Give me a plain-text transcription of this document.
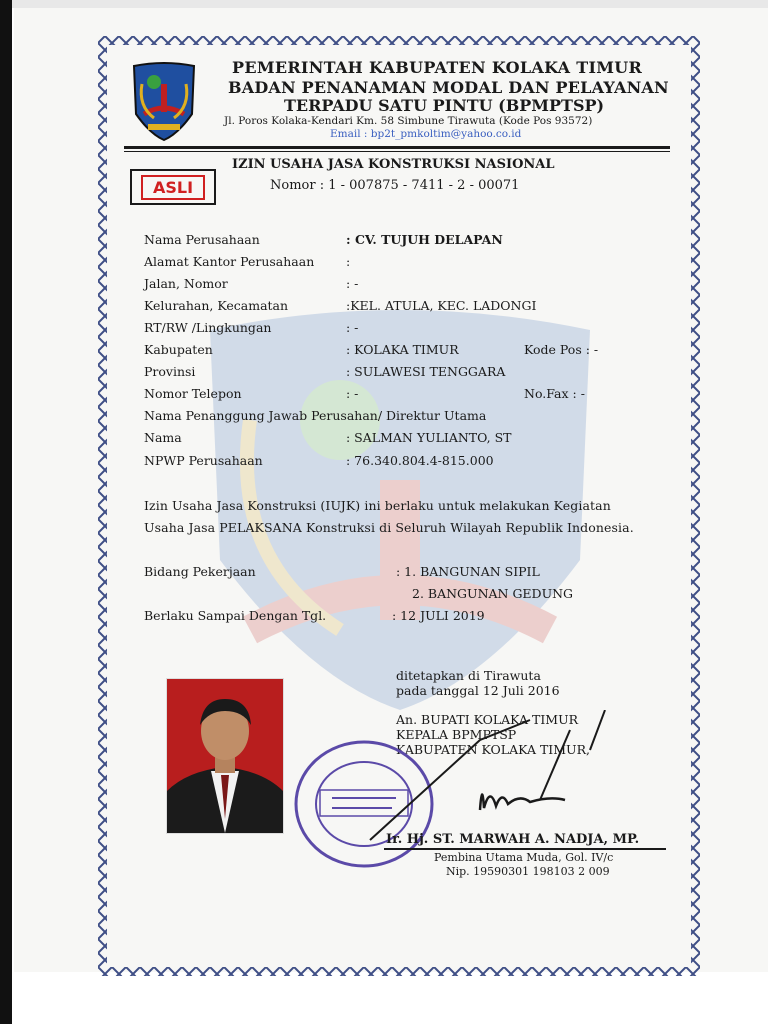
PEMERINTAH KABUPATEN KOLAKA TIMUR
BADAN PENANAMAN MODAL DAN PELAYANAN
TERPADU SATU PINTU (BPMPTSP)
Jl. Poros Kolaka-Kendari Km. 58 Simbune Tirawuta (Kode Pos 93572)
Email : bp2t_pmkoltim@yahoo.co.id
ASLI
IZIN USAHA JASA KONSTRUKSI NASIONAL
Nomor : 1 - 007875 - 7411 - 2 - 00071
Nama Perusahaan	: CV. TUJUH DELAPAN
Alamat Kantor Perusahaan	:
Jalan, Nomor	: -
Kelurahan, Kecamatan	:KEL. ATULA, KEC. LADONGI
RT/RW /Lingkungan	: -
Kabupaten	: KOLAKA TIMUR	Kode Pos : -
Provinsi	: SULAWESI TENGGARA
Nomor Telepon	: -	No.Fax : -
Nama Penanggung Jawab Perusahan/ Direktur Utama
Nama	: SALMAN YULIANTO, ST
NPWP Perusahaan	: 76.340.804.4-815.000
Izin Usaha Jasa Konstruksi (IUJK) ini berlaku untuk melakukan Kegiatan
Usaha Jasa PELAKSANA Konstruksi di Seluruh Wilayah Republik Indonesia.
Bidang Pekerjaan	: 1. BANGUNAN SIPIL
2. BANGUNAN GEDUNG
Berlaku Sampai Dengan Tgl.	: 12 JULI 2019
ditetapkan di Tirawuta
pada tanggal 12 Juli 2016
An. BUPATI KOLAKA TIMUR
KEPALA BPMPTSP
KABUPATEN KOLAKA TIMUR,
Ir. Hj. ST. MARWAH A. NADJA, MP.
Pembina Utama Muda, Gol. IV/c
Nip. 19590301 198103 2 009
